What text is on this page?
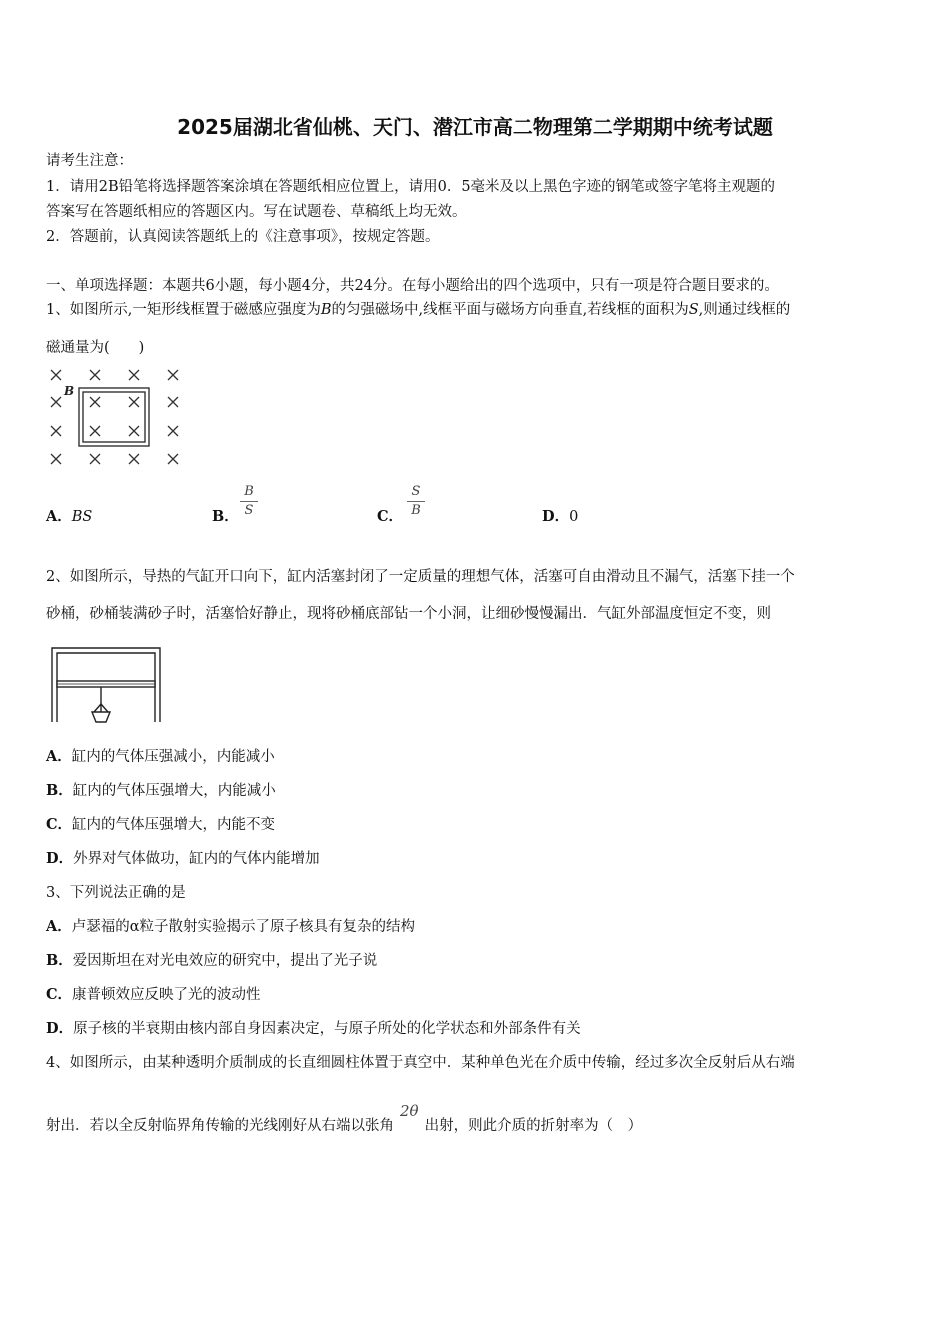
2025届湖北省仙桃、天门、潜江市高二物理第二学期期中统考试题
请考生注意：
1．请用2B铅笔将选择题答案涂填在答题纸相应位置上，请用0．5毫米及以上黑色字迹的钢笔或签字笔将主观题的
答案写在答题纸相应的答题区内。写在试题卷、草稿纸上均无效。
2．答题前，认真阅读答题纸上的《注意事项》，按规定答题。
一、单项选择题：本题共6小题，每小题4分，共24分。在每小题给出的四个选项中，只有一项是符合题目要求的。
1、如图所示,一矩形线框置于磁感应强度为B的匀强磁场中,线框平面与磁场方向垂直,若线框的面积为S,则通过线框的
磁通量为(　　)
B
A．BS	B．
B
S	C．
S
B	D．0
2、如图所示，导热的气缸开口向下，缸内活塞封闭了一定质量的理想气体，活塞可自由滑动且不漏气，活塞下挂一个
砂桶，砂桶装满砂子时，活塞恰好静止，现将砂桶底部钻一个小洞，让细砂慢慢漏出．气缸外部温度恒定不变，则
A．缸内的气体压强减小，内能减小
B．缸内的气体压强增大，内能减小
C．缸内的气体压强增大，内能不变
D．外界对气体做功，缸内的气体内能增加
3、下列说法正确的是
A．卢瑟福的α粒子散射实验揭示了原子核具有复杂的结构
B．爱因斯坦在对光电效应的研究中，提出了光子说
C．康普顿效应反映了光的波动性
D．原子核的半衰期由核内部自身因素决定，与原子所处的化学状态和外部条件有关
4、如图所示，由某种透明介质制成的长直细圆柱体置于真空中．某种单色光在介质中传输，经过多次全反射后从右端
射出．若以全反射临界角传输的光线刚好从右端以张角2θ出射，则此介质的折射率为（　）
